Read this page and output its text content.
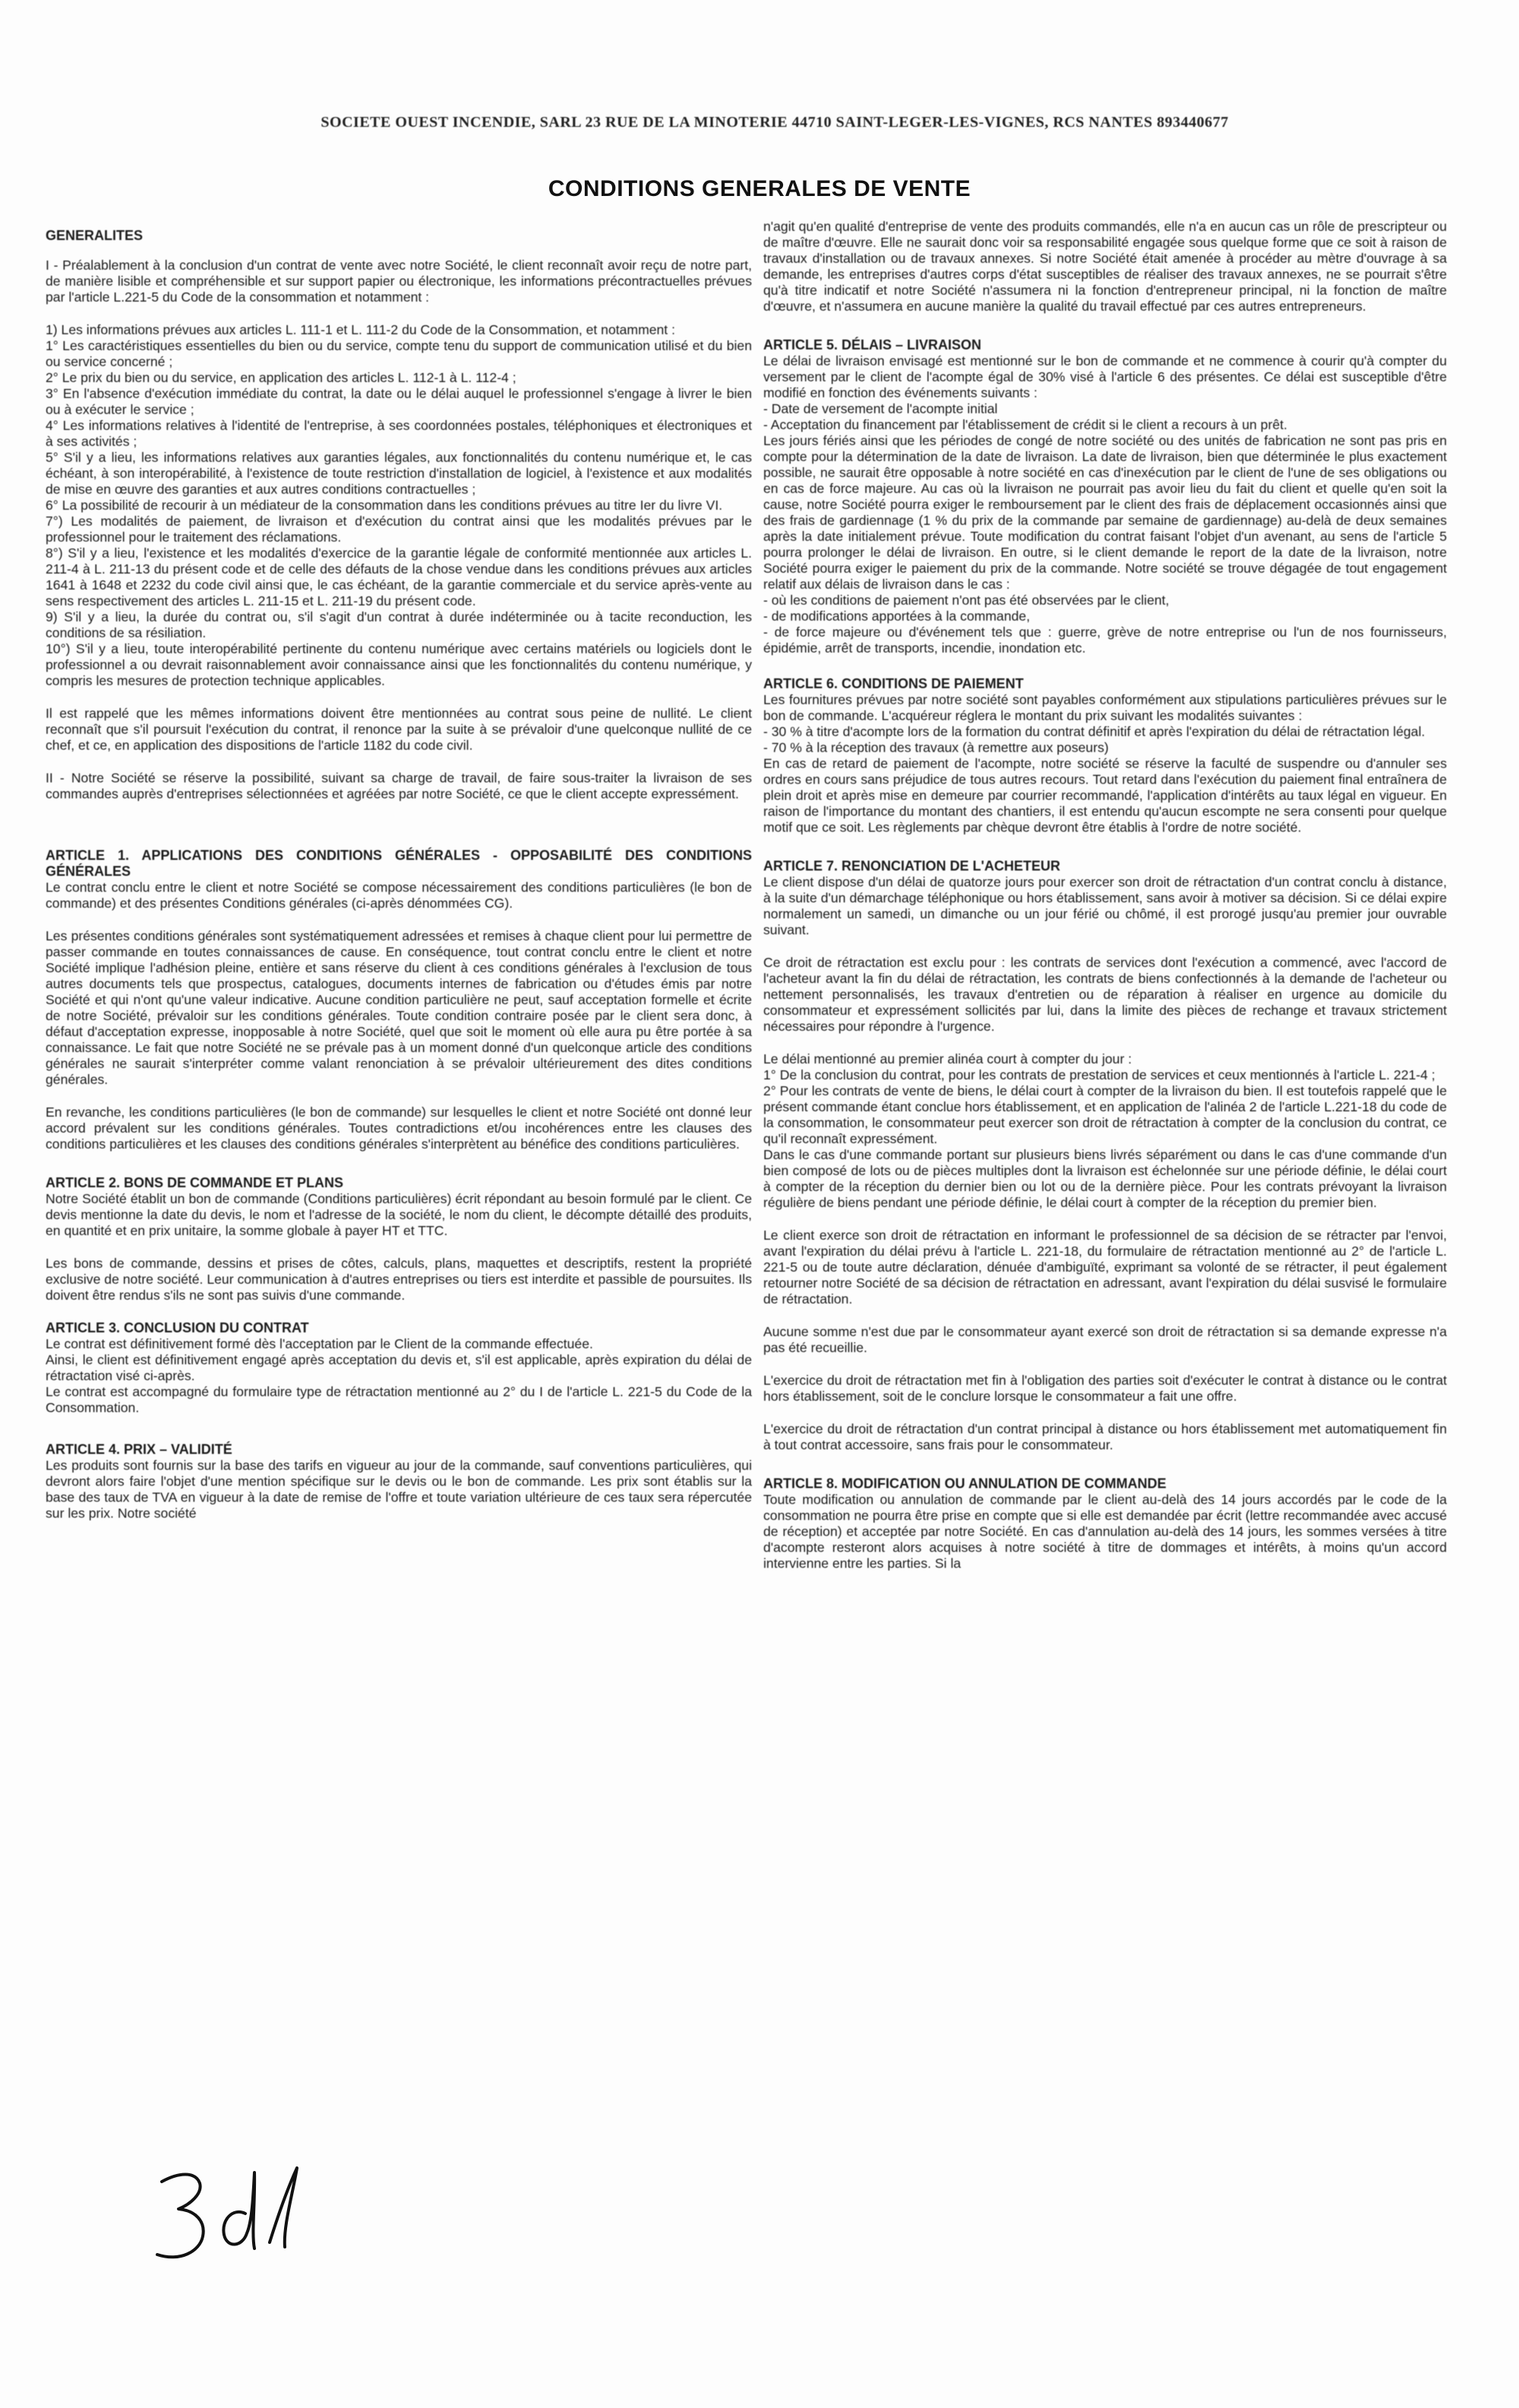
SOCIETE OUEST INCENDIE, SARL 23 RUE DE LA MINOTERIE 44710 SAINT-LEGER-LES-VIGNES, RCS NANTES 893440677
CONDITIONS GENERALES DE VENTE

GENERALITES

I - Préalablement à la conclusion d'un contrat de vente avec notre Société, le client reconnaît avoir reçu de notre part, de manière lisible et compréhensible et sur support papier ou électronique, les informations précontractuelles prévues par l'article L.221-5 du Code de la consommation et notamment :

1) Les informations prévues aux articles L. 111-1 et L. 111-2 du Code de la Consommation, et notamment :
1° Les caractéristiques essentielles du bien ou du service, compte tenu du support de communication utilisé et du bien ou service concerné ;
2° Le prix du bien ou du service, en application des articles L. 112-1 à L. 112-4 ;
3° En l'absence d'exécution immédiate du contrat, la date ou le délai auquel le professionnel s'engage à livrer le bien ou à exécuter le service ;
4° Les informations relatives à l'identité de l'entreprise, à ses coordonnées postales, téléphoniques et électroniques et à ses activités ;
5° S'il y a lieu, les informations relatives aux garanties légales, aux fonctionnalités du contenu numérique et, le cas échéant, à son interopérabilité, à l'existence de toute restriction d'installation de logiciel, à l'existence et aux modalités de mise en œuvre des garanties et aux autres conditions contractuelles ;
6° La possibilité de recourir à un médiateur de la consommation dans les conditions prévues au titre Ier du livre VI.
7°) Les modalités de paiement, de livraison et d'exécution du contrat ainsi que les modalités prévues par le professionnel pour le traitement des réclamations.
8°) S'il y a lieu, l'existence et les modalités d'exercice de la garantie légale de conformité mentionnée aux articles L. 211-4 à L. 211-13 du présent code et de celle des défauts de la chose vendue dans les conditions prévues aux articles 1641 à 1648 et 2232 du code civil ainsi que, le cas échéant, de la garantie commerciale et du service après-vente au sens respectivement des articles L. 211-15 et L. 211-19 du présent code.
9) S'il y a lieu, la durée du contrat ou, s'il s'agit d'un contrat à durée indéterminée ou à tacite reconduction, les conditions de sa résiliation.
10°) S'il y a lieu, toute interopérabilité pertinente du contenu numérique avec certains matériels ou logiciels dont le professionnel a ou devrait raisonnablement avoir connaissance ainsi que les fonctionnalités du contenu numérique, y compris les mesures de protection technique applicables.

Il est rappelé que les mêmes informations doivent être mentionnées au contrat sous peine de nullité. Le client reconnaît que s'il poursuit l'exécution du contrat, il renonce par la suite à se prévaloir d'une quelconque nullité de ce chef, et ce, en application des dispositions de l'article 1182 du code civil.

II - Notre Société se réserve la possibilité, suivant sa charge de travail, de faire sous-traiter la livraison de ses commandes auprès d'entreprises sélectionnées et agréées par notre Société, ce que le client accepte expressément.

ARTICLE 1. APPLICATIONS DES CONDITIONS GÉNÉRALES - OPPOSABILITÉ DES CONDITIONS GÉNÉRALES

Le contrat conclu entre le client et notre Société se compose nécessairement des conditions particulières (le bon de commande) et des présentes Conditions générales (ci-après dénommées CG).

Les présentes conditions générales sont systématiquement adressées et remises à chaque client pour lui permettre de passer commande en toutes connaissances de cause. En conséquence, tout contrat conclu entre le client et notre Société implique l'adhésion pleine, entière et sans réserve du client à ces conditions générales à l'exclusion de tous autres documents tels que prospectus, catalogues, documents internes de fabrication ou d'études émis par notre Société et qui n'ont qu'une valeur indicative. Aucune condition particulière ne peut, sauf acceptation formelle et écrite de notre Société, prévaloir sur les conditions générales. Toute condition contraire posée par le client sera donc, à défaut d'acceptation expresse, inopposable à notre Société, quel que soit le moment où elle aura pu être portée à sa connaissance. Le fait que notre Société ne se prévale pas à un moment donné d'un quelconque article des conditions générales ne saurait s'interpréter comme valant renonciation à se prévaloir ultérieurement des dites conditions générales.

En revanche, les conditions particulières (le bon de commande) sur lesquelles le client et notre Société ont donné leur accord prévalent sur les conditions générales. Toutes contradictions et/ou incohérences entre les clauses des conditions particulières et les clauses des conditions générales s'interprètent au bénéfice des conditions particulières.

ARTICLE 2. BONS DE COMMANDE ET PLANS

Notre Société établit un bon de commande (Conditions particulières) écrit répondant au besoin formulé par le client. Ce devis mentionne la date du devis, le nom et l'adresse de la société, le nom du client, le décompte détaillé des produits, en quantité et en prix unitaire, la somme globale à payer HT et TTC.

Les bons de commande, dessins et prises de côtes, calculs, plans, maquettes et descriptifs, restent la propriété exclusive de notre société. Leur communication à d'autres entreprises ou tiers est interdite et passible de poursuites. Ils doivent être rendus s'ils ne sont pas suivis d'une commande.

ARTICLE 3. CONCLUSION DU CONTRAT

Le contrat est définitivement formé dès l'acceptation par le Client de la commande effectuée.
Ainsi, le client est définitivement engagé après acceptation du devis et, s'il est applicable, après expiration du délai de rétractation visé ci-après.
Le contrat est accompagné du formulaire type de rétractation mentionné au 2° du I de l'article L. 221-5 du Code de la Consommation.

ARTICLE 4. PRIX – VALIDITÉ

Les produits sont fournis sur la base des tarifs en vigueur au jour de la commande, sauf conventions particulières, qui devront alors faire l'objet d'une mention spécifique sur le devis ou le bon de commande. Les prix sont établis sur la base des taux de TVA en vigueur à la date de remise de l'offre et toute variation ultérieure de ces taux sera répercutée sur les prix. Notre société

n'agit qu'en qualité d'entreprise de vente des produits commandés, elle n'a en aucun cas un rôle de prescripteur ou de maître d'œuvre. Elle ne saurait donc voir sa responsabilité engagée sous quelque forme que ce soit à raison de travaux d'installation ou de travaux annexes. Si notre Société était amenée à procéder au mètre d'ouvrage à sa demande, les entreprises d'autres corps d'état susceptibles de réaliser des travaux annexes, ne se pourrait s'être qu'à titre indicatif et notre Société n'assumera ni la fonction d'entrepreneur principal, ni la fonction de maître d'œuvre, et n'assumera en aucune manière la qualité du travail effectué par ces autres entrepreneurs.

ARTICLE 5. DÉLAIS – LIVRAISON

Le délai de livraison envisagé est mentionné sur le bon de commande et ne commence à courir qu'à compter du versement par le client de l'acompte égal de 30% visé à l'article 6 des présentes. Ce délai est susceptible d'être modifié en fonction des événements suivants :
- Date de versement de l'acompte initial
- Acceptation du financement par l'établissement de crédit si le client a recours à un prêt.
Les jours fériés ainsi que les périodes de congé de notre société ou des unités de fabrication ne sont pas pris en compte pour la détermination de la date de livraison. La date de livraison, bien que déterminée le plus exactement possible, ne saurait être opposable à notre société en cas d'inexécution par le client de l'une de ses obligations ou en cas de force majeure. Au cas où la livraison ne pourrait pas avoir lieu du fait du client et quelle qu'en soit la cause, notre Société pourra exiger le remboursement par le client des frais de déplacement occasionnés ainsi que des frais de gardiennage (1 % du prix de la commande par semaine de gardiennage) au-delà de deux semaines après la date initialement prévue. Toute modification du contrat faisant l'objet d'un avenant, au sens de l'article 5 pourra prolonger le délai de livraison. En outre, si le client demande le report de la date de la livraison, notre Société pourra exiger le paiement du prix de la commande. Notre société se trouve dégagée de tout engagement relatif aux délais de livraison dans le cas :
- où les conditions de paiement n'ont pas été observées par le client,
- de modifications apportées à la commande,
- de force majeure ou d'événement tels que : guerre, grève de notre entreprise ou l'un de nos fournisseurs, épidémie, arrêt de transports, incendie, inondation etc.

ARTICLE 6. CONDITIONS DE PAIEMENT

Les fournitures prévues par notre société sont payables conformément aux stipulations particulières prévues sur le bon de commande. L'acquéreur réglera le montant du prix suivant les modalités suivantes :
- 30 % à titre d'acompte lors de la formation du contrat définitif et après l'expiration du délai de rétractation légal.
- 70 % à la réception des travaux (à remettre aux poseurs)
En cas de retard de paiement de l'acompte, notre société se réserve la faculté de suspendre ou d'annuler ses ordres en cours sans préjudice de tous autres recours. Tout retard dans l'exécution du paiement final entraînera de plein droit et après mise en demeure par courrier recommandé, l'application d'intérêts au taux légal en vigueur. En raison de l'importance du montant des chantiers, il est entendu qu'aucun escompte ne sera consenti pour quelque motif que ce soit. Les règlements par chèque devront être établis à l'ordre de notre société.

ARTICLE 7. RENONCIATION DE L'ACHETEUR

Le client dispose d'un délai de quatorze jours pour exercer son droit de rétractation d'un contrat conclu à distance, à la suite d'un démarchage téléphonique ou hors établissement, sans avoir à motiver sa décision. Si ce délai expire normalement un samedi, un dimanche ou un jour férié ou chômé, il est prorogé jusqu'au premier jour ouvrable suivant.

Ce droit de rétractation est exclu pour : les contrats de services dont l'exécution a commencé, avec l'accord de l'acheteur avant la fin du délai de rétractation, les contrats de biens confectionnés à la demande de l'acheteur ou nettement personnalisés, les travaux d'entretien ou de réparation à réaliser en urgence au domicile du consommateur et expressément sollicités par lui, dans la limite des pièces de rechange et travaux strictement nécessaires pour répondre à l'urgence.

Le délai mentionné au premier alinéa court à compter du jour :
1° De la conclusion du contrat, pour les contrats de prestation de services et ceux mentionnés à l'article L. 221-4 ;
2° Pour les contrats de vente de biens, le délai court à compter de la livraison du bien. Il est toutefois rappelé que le présent commande étant conclue hors établissement, et en application de l'alinéa 2 de l'article L.221-18 du code de la consommation, le consommateur peut exercer son droit de rétractation à compter de la conclusion du contrat, ce qu'il reconnaît expressément.
Dans le cas d'une commande portant sur plusieurs biens livrés séparément ou dans le cas d'une commande d'un bien composé de lots ou de pièces multiples dont la livraison est échelonnée sur une période définie, le délai court à compter de la réception du dernier bien ou lot ou de la dernière pièce. Pour les contrats prévoyant la livraison régulière de biens pendant une période définie, le délai court à compter de la réception du premier bien.

Le client exerce son droit de rétractation en informant le professionnel de sa décision de se rétracter par l'envoi, avant l'expiration du délai prévu à l'article L. 221-18, du formulaire de rétractation mentionné au 2° de l'article L. 221-5 ou de toute autre déclaration, dénuée d'ambiguïté, exprimant sa volonté de se rétracter, il peut également retourner notre Société de sa décision de rétractation en adressant, avant l'expiration du délai susvisé le formulaire de rétractation.

Aucune somme n'est due par le consommateur ayant exercé son droit de rétractation si sa demande expresse n'a pas été recueillie.

L'exercice du droit de rétractation met fin à l'obligation des parties soit d'exécuter le contrat à distance ou le contrat hors établissement, soit de le conclure lorsque le consommateur a fait une offre.

L'exercice du droit de rétractation d'un contrat principal à distance ou hors établissement met automatiquement fin à tout contrat accessoire, sans frais pour le consommateur.

ARTICLE 8. MODIFICATION OU ANNULATION DE COMMANDE

Toute modification ou annulation de commande par le client au-delà des 14 jours accordés par le code de la consommation ne pourra être prise en compte que si elle est demandée par écrit (lettre recommandée avec accusé de réception) et acceptée par notre Société. En cas d'annulation au-delà des 14 jours, les sommes versées à titre d'acompte resteront alors acquises à notre société à titre de dommages et intérêts, à moins qu'un accord intervienne entre les parties. Si la
